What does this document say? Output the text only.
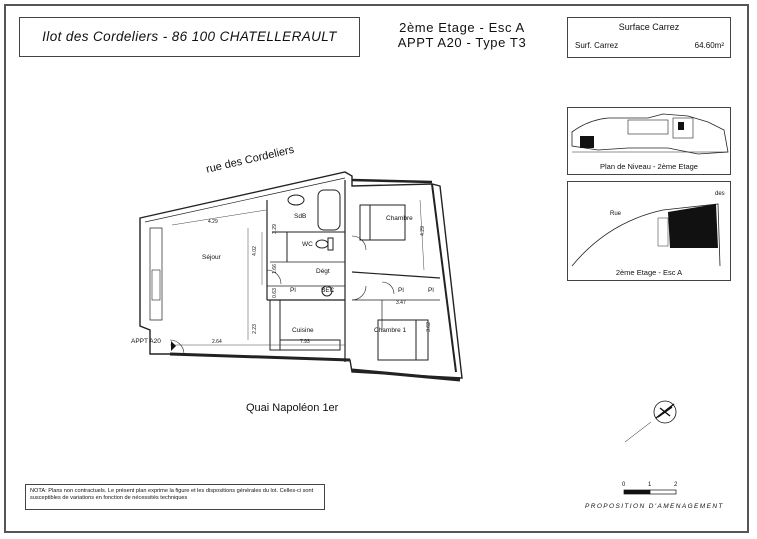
Ilot des Cordeliers - 86 100 CHATELLERAULT
2ème Etage - Esc A
APPT A20 - Type T3
Surface Carrez
Surf. Carrez	64.60m²
Plan de Niveau - 2ème Etage
Rue
des
2ème Etage - Esc A
rue des Cordeliers
Quai Napoléon 1er
APPT A20
Séjour
SdB
WC
Dégt
Cuisine
Chambre
Chambre 1
Pl	BEC	Pl	Pl
2.64	7.93
4.29
4.02
2.23
3.29
1.66
0.63
3.47
3.62
4.29
0	1	2
NOTA: Plans non contractuels. Le présent plan exprime la figure et les dispositions générales du lot. Celles-ci sont susceptibles de variations en fonction de nécessités techniques
PROPOSITION D'AMENAGEMENT
